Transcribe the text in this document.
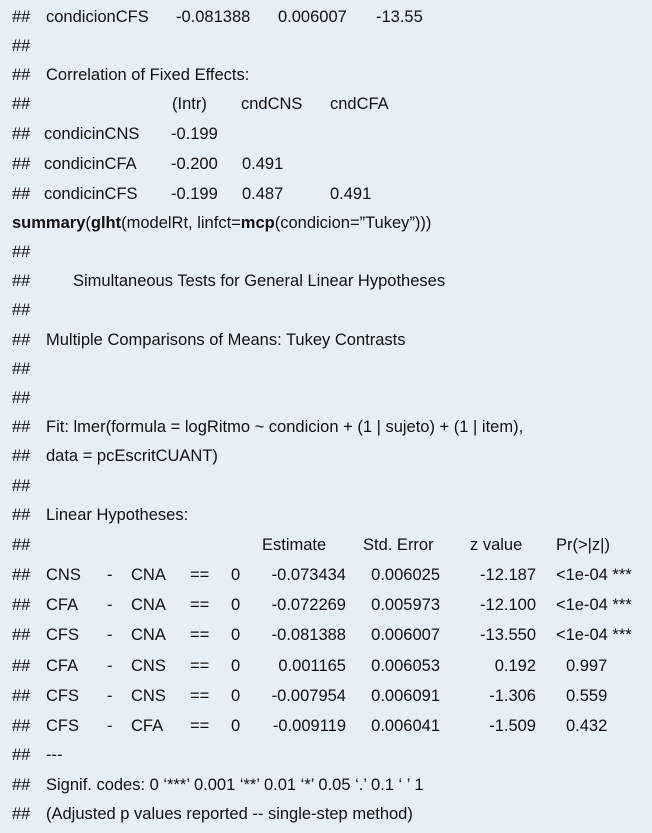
## condicionCFS -0.081388 0.006007 -13.55
##
## Correlation of Fixed Effects:
##	(Intr) cndCNS cndCFA
## condicinCNS -0.199
## condicinCFA -0.200 0.491
## condicinCFS -0.199 0.487	0.491
summary(glht(modelRt, linfct=mcp(condicion=”Tukey”)))
##
##	Simultaneous Tests for General Linear Hypotheses
##
## Multiple Comparisons of Means: Tukey Contrasts
##
##
## Fit: lmer(formula = logRitmo ~ condicion + (1 | sujeto) + (1 | item),
## data = pcEscritCUANT)
##
## Linear Hypotheses:
##	Estimate Std. Error z value Pr(>|z|)
## CNS - CNA == 0	-0.073434	0.006025	-12.187 <1e-04 ***
## CFA - CNA == 0	-0.072269	0.005973	-12.100 <1e-04 ***
## CFS - CNA == 0	-0.081388	0.006007	-13.550 <1e-04 ***
## CFA - CNS == 0	0.001165	0.006053	0.192 0.997
## CFS - CNS == 0	-0.007954	0.006091	-1.306 0.559
## CFS - CFA == 0	-0.009119	0.006041	-1.509 0.432
## ---
## Signif. codes: 0 ‘***’ 0.001 ‘**’ 0.01 ‘*’ 0.05 ‘.’ 0.1 ‘ ’ 1
## (Adjusted p values reported -- single-step method)
